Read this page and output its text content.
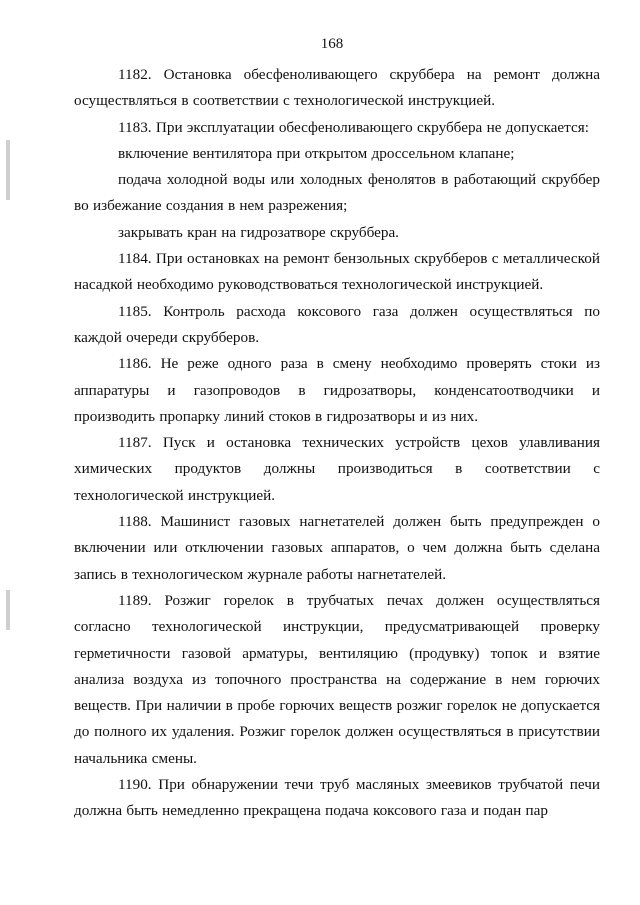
168

1182. Остановка обесфеноливающего скруббера на ремонт должна осуществляться в соответствии с технологической инструкцией.

1183. При эксплуатации обесфеноливающего скруббера не допускается:

включение вентилятора при открытом дроссельном клапане;

подача холодной воды или холодных фенолятов в работающий скруббер во избежание создания в нем разрежения;

закрывать кран на гидрозатворе скруббера.

1184. При остановках на ремонт бензольных скрубберов с металлической насадкой необходимо руководствоваться технологической инструкцией.

1185. Контроль расхода коксового газа должен осуществляться по каждой очереди скрубберов.

1186. Не реже одного раза в смену необходимо проверять стоки из аппаратуры и газопроводов в гидрозатворы, конденсатоотводчики и производить пропарку линий стоков в гидрозатворы и из них.

1187. Пуск и остановка технических устройств цехов улавливания химических продуктов должны производиться в соответствии с технологической инструкцией.

1188. Машинист газовых нагнетателей должен быть предупрежден о включении или отключении газовых аппаратов, о чем должна быть сделана запись в технологическом журнале работы нагнетателей.

1189. Розжиг горелок в трубчатых печах должен осуществляться согласно технологической инструкции, предусматривающей проверку герметичности газовой арматуры, вентиляцию (продувку) топок и взятие анализа воздуха из топочного пространства на содержание в нем горючих веществ. При наличии в пробе горючих веществ розжиг горелок не допускается до полного их удаления. Розжиг горелок должен осуществляться в присутствии начальника смены.

1190. При обнаружении течи труб масляных змеевиков трубчатой печи должна быть немедленно прекращена подача коксового газа и подан пар
